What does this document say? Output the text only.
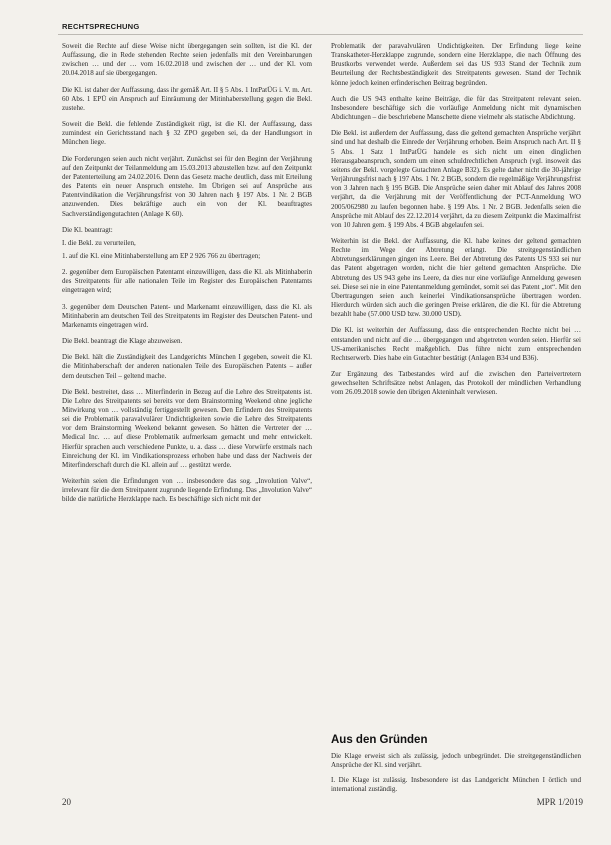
RECHTSPRECHUNG

Soweit die Rechte auf diese Weise nicht übergegangen sein sollten, ist die Kl. der Auffassung, die in Rede stehenden Rechte seien jedenfalls mit den Vereinbarungen zwischen … und der … vom 16.02.2018 und zwischen der … und der Kl. vom 20.04.2018 auf sie übergegangen.

Die Kl. ist daher der Auffassung, dass ihr gemäß Art. II § 5 Abs. 1 IntPatÜG i. V. m. Art. 60 Abs. 1 EPÜ ein Anspruch auf Einräumung der Mitinhaberstellung gegen die Bekl. zustehe.

Soweit die Bekl. die fehlende Zuständigkeit rügt, ist die Kl. der Auffassung, dass zumindest ein Gerichtsstand nach § 32 ZPO gegeben sei, da der Handlungsort in München liege.

Die Forderungen seien auch nicht verjährt. Zunächst sei für den Beginn der Verjährung auf den Zeitpunkt der Teilanmeldung am 15.03.2013 abzustellen bzw. auf den Zeitpunkt der Patenterteilung am 24.02.2016. Denn das Gesetz mache deutlich, dass mit Erteilung des Patents ein neuer Anspruch entstehe. Im Übrigen sei auf Ansprüche aus Patentvindikation die Verjährungsfrist von 30 Jahren nach § 197 Abs. 1 Nr. 2 BGB anzuwenden. Dies bekräftige auch ein von der Kl. beauftragtes Sachverständigengutachten (Anlage K 60).

Die Kl. beantragt:

I. die Bekl. zu verurteilen,

1. auf die Kl. eine Mitinhaberstellung am EP 2 926 766 zu übertragen;

2. gegenüber dem Europäischen Patentamt einzuwilligen, dass die Kl. als Mitinhaberin des Streitpatents für alle nationalen Teile im Register des Europäischen Patentamts eingetragen wird;

3. gegenüber dem Deutschen Patent- und Markenamt einzuwilligen, dass die Kl. als Mitinhaberin am deutschen Teil des Streitpatents im Register des Deutschen Patent- und Markenamts eingetragen wird.

Die Bekl. beantragt die Klage abzuweisen.

Die Bekl. hält die Zuständigkeit des Landgerichts München I gegeben, soweit die Kl. die Mitinhaberschaft der anderen nationalen Teile des Europäischen Patents – außer dem deutschen Teil – geltend mache.

Die Bekl. bestreitet, dass … Miterfinderin in Bezug auf die Lehre des Streitpatents ist. Die Lehre des Streitpatents sei bereits vor dem Brainstorming Weekend ohne jegliche Mitwirkung von … vollständig fertiggestellt gewesen. Den Erfindern des Streitpatents sei die Problematik paravalvulärer Undichtigkeiten sowie die Lehre des Streitpatents vor dem Brainstorming Weekend bekannt gewesen. So hätten die Vertreter der … Medical Inc. … auf diese Problematik aufmerksam gemacht und mehr entwickelt. Hierfür sprachen auch verschiedene Punkte, u. a. dass … diese Vorwürfe erstmals nach Einreichung der Kl. im Vindikationsprozess erhoben habe und dass der Nachweis der Miterfinderschaft durch die Kl. allein auf … gestützt werde.

Weiterhin seien die Erfindungen von … insbesondere das sog. „Involution Valve“, irrelevant für die dem Streitpatent zugrunde liegende Erfindung. Das „Involution Valve“ bilde die natürliche Herzklappe nach. Es beschäftige sich nicht mit der

Problematik der paravalvulären Undichtigkeiten. Der Erfindung liege keine Transkatheter-Herzklappe zugrunde, sondern eine Herzklappe, die nach Öffnung des Brustkorbs verwendet werde. Außerdem sei das US 933 Stand der Technik zum Beurteilung der Rechtsbeständigkeit des Streitpatents gewesen. Stand der Technik könne jedoch keinen erfinderischen Beitrag begründen.

Auch die US 943 enthalte keine Beiträge, die für das Streitpatent relevant seien. Insbesondere beschäftige sich die vorläufige Anmeldung nicht mit dynamischen Abdichtungen – die beschriebene Manschette diene vielmehr als statische Abdichtung.

Die Bekl. ist außerdem der Auffassung, dass die geltend gemachten Ansprüche verjährt sind und hat deshalb die Einrede der Verjährung erhoben. Beim Anspruch nach Art. II § 5 Abs. 1 Satz 1 IntPatÜG handele es sich nicht um einen dinglichen Herausgabeanspruch, sondern um einen schuldrechtlichen Anspruch (vgl. insoweit das seitens der Bekl. vorgelegte Gutachten Anlage B32). Es gelte daher nicht die 30-jährige Verjährungsfrist nach § 197 Abs. 1 Nr. 2 BGB, sondern die regelmäßige Verjährungsfrist von 3 Jahren nach § 195 BGB. Die Ansprüche seien daher mit Ablauf des Jahres 2008 verjährt, da die Verjährung mit der Veröffentlichung der PCT-Anmeldung WO 2005/062980 zu laufen begonnen habe. § 199 Abs. 1 Nr. 2 BGB. Jedenfalls seien die Ansprüche mit Ablauf des 22.12.2014 verjährt, da zu diesem Zeitpunkt die Maximalfrist von 10 Jahren gem. § 199 Abs. 4 BGB abgelaufen sei.

Weiterhin ist die Bekl. der Auffassung, die Kl. habe keines der geltend gemachten Rechte im Wege der Abtretung erlangt. Die streitgegenständlichen Abtretungserklärungen gingen ins Leere. Bei der Abtretung des Patents US 933 sei nur das Patent abgetragen worden, nicht die hier geltend gemachten Ansprüche. Die Abtretung des US 943 gehe ins Leere, da dies nur eine vorläufige Anmeldung gewesen sei. Diese sei nie in eine Patentanmeldung gemündet, somit sei das Patent „tot“. Mit den Übertragungen seien auch keinerlei Vindikationsansprüche übertragen worden. Hierdurch würden sich auch die geringen Preise erklären, die die Kl. für die Abtretung bezahlt habe (57.000 USD bzw. 30.000 USD).

Die Kl. ist weiterhin der Auffassung, dass die entsprechenden Rechte nicht bei … entstanden und nicht auf die … übergegangen und abgetreten worden seien. Hierfür sei US-amerikanisches Recht maßgeblich. Das führe nicht zum entsprechenden Rechtserwerb. Dies habe ein Gutachter bestätigt (Anlagen B34 und B36).

Zur Ergänzung des Tatbestandes wird auf die zwischen den Parteivertretern gewechselten Schriftsätze nebst Anlagen, das Protokoll der mündlichen Verhandlung vom 26.09.2018 sowie den übrigen Akteninhalt verwiesen.

Aus den Gründen

Die Klage erweist sich als zulässig, jedoch unbegründet. Die streitgegenständlichen Ansprüche der Kl. sind verjährt.

I. Die Klage ist zulässig. Insbesondere ist das Landgericht München I örtlich und international zuständig.

20	MPR 1/2019
